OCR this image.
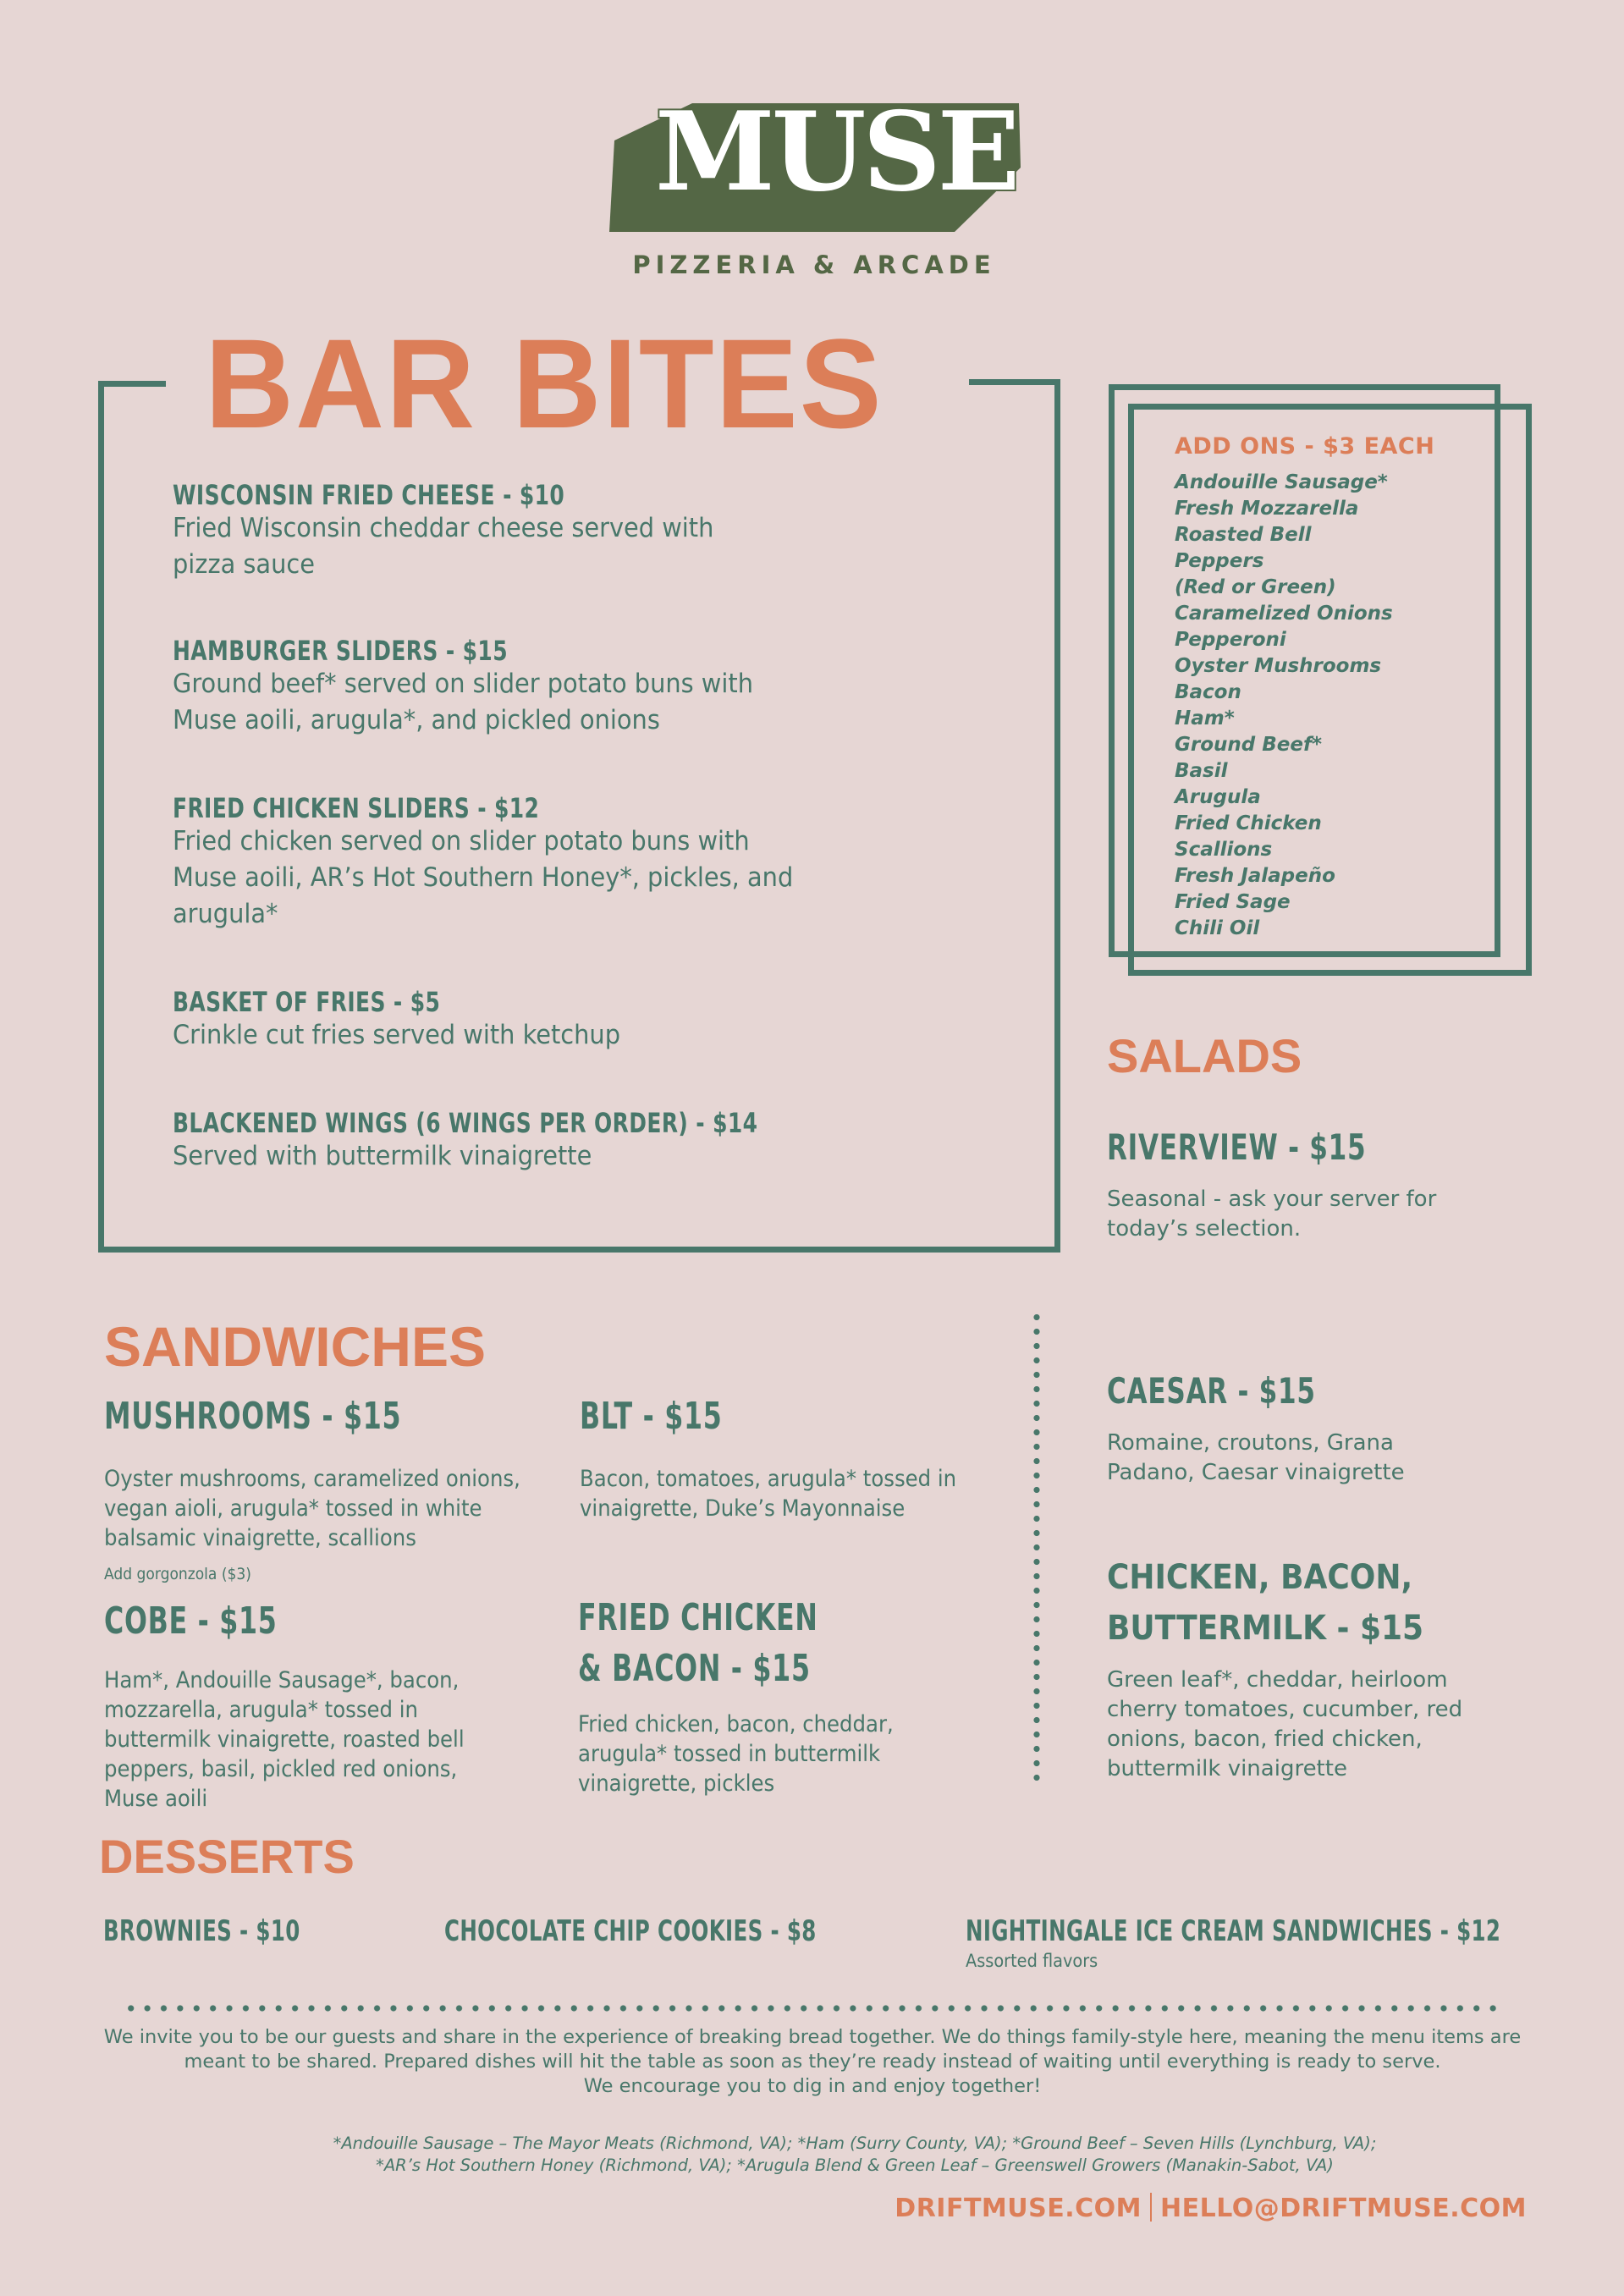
MUSE
PIZZERIA & ARCADE
BAR BITES
WISCONSIN FRIED CHEESE - $10
Fried Wisconsin cheddar cheese served with pizza sauce
HAMBURGER SLIDERS - $15
Ground beef* served on slider potato buns with Muse aoili, arugula*, and pickled onions
FRIED CHICKEN SLIDERS - $12
Fried chicken served on slider potato buns with Muse aoili, AR’s Hot Southern Honey*, pickles, and arugula*
BASKET OF FRIES - $5
Crinkle cut fries served with ketchup
BLACKENED WINGS (6 WINGS PER ORDER) - $14
Served with buttermilk vinaigrette
ADD ONS - $3 EACH
Andouille Sausage*
Fresh Mozzarella
Roasted Bell
Peppers
(Red or Green)
Caramelized Onions
Pepperoni
Oyster Mushrooms
Bacon
Ham*
Ground Beef*
Basil
Arugula
Fried Chicken
Scallions
Fresh Jalapeño
Fried Sage
Chili Oil
SALADS
RIVERVIEW - $15
Seasonal - ask your server for today’s selection.
CAESAR - $15
Romaine, croutons, Grana Padano, Caesar vinaigrette
CHICKEN, BACON, BUTTERMILK - $15
Green leaf*, cheddar, heirloom cherry tomatoes, cucumber, red onions, bacon, fried chicken, buttermilk vinaigrette
SANDWICHES
MUSHROOMS - $15
Oyster mushrooms, caramelized onions, vegan aioli, arugula* tossed in white balsamic vinaigrette, scallions
Add gorgonzola ($3)
BLT - $15
Bacon, tomatoes, arugula* tossed in vinaigrette, Duke’s Mayonnaise
COBE - $15
Ham*, Andouille Sausage*, bacon, mozzarella, arugula* tossed in buttermilk vinaigrette, roasted bell peppers, basil, pickled red onions, Muse aoili
FRIED CHICKEN & BACON - $15
Fried chicken, bacon, cheddar, arugula* tossed in buttermilk vinaigrette, pickles
DESSERTS
BROWNIES - $10	CHOCOLATE CHIP COOKIES - $8	NIGHTINGALE ICE CREAM SANDWICHES - $12
Assorted flavors
We invite you to be our guests and share in the experience of breaking bread together. We do things family-style here, meaning the menu items are
meant to be shared. Prepared dishes will hit the table as soon as they’re ready instead of waiting until everything is ready to serve.
We encourage you to dig in and enjoy together!
*Andouille Sausage – The Mayor Meats (Richmond, VA); *Ham (Surry County, VA); *Ground Beef – Seven Hills (Lynchburg, VA);
*AR’s Hot Southern Honey (Richmond, VA); *Arugula Blend & Green Leaf – Greenswell Growers (Manakin-Sabot, VA)
DRIFTMUSE.COM HELLO@DRIFTMUSE.COM
